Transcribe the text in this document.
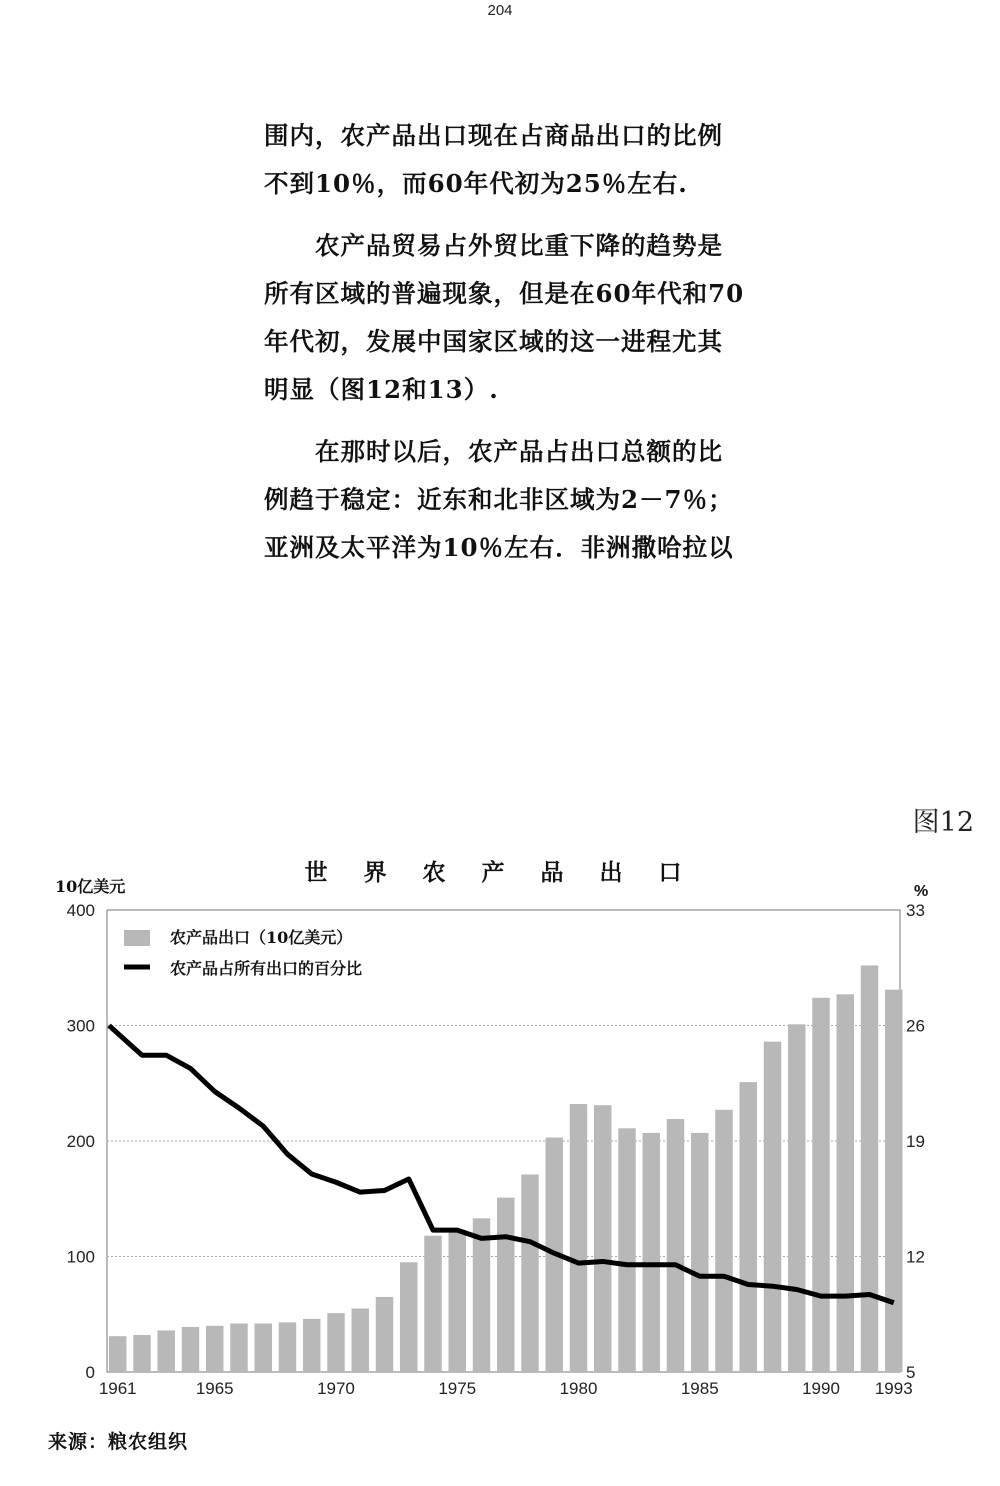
204

围内，农产品出口现在占商品出口的比例
不到10％，而60年代初为25％左右.

　　农产品贸易占外贸比重下降的趋势是
所有区域的普遍现象，但是在60年代和70
年代初，发展中国家区域的这一进程尤其
明显（图12和13）.

　　在那时以后，农产品占出口总额的比
例趋于稳定：近东和北非区域为2－7％；
亚洲及太平洋为10％左右．非洲撒哈拉以

图12
世 界 农 产 品 出 口
10亿美元	%
0
100
200
300
400
5
12
19
26
33
1961	1965	1970	1975	1980	1985	1990 1993
农产品出口（10亿美元）
农产品占所有出口的百分比
来源：粮农组织
